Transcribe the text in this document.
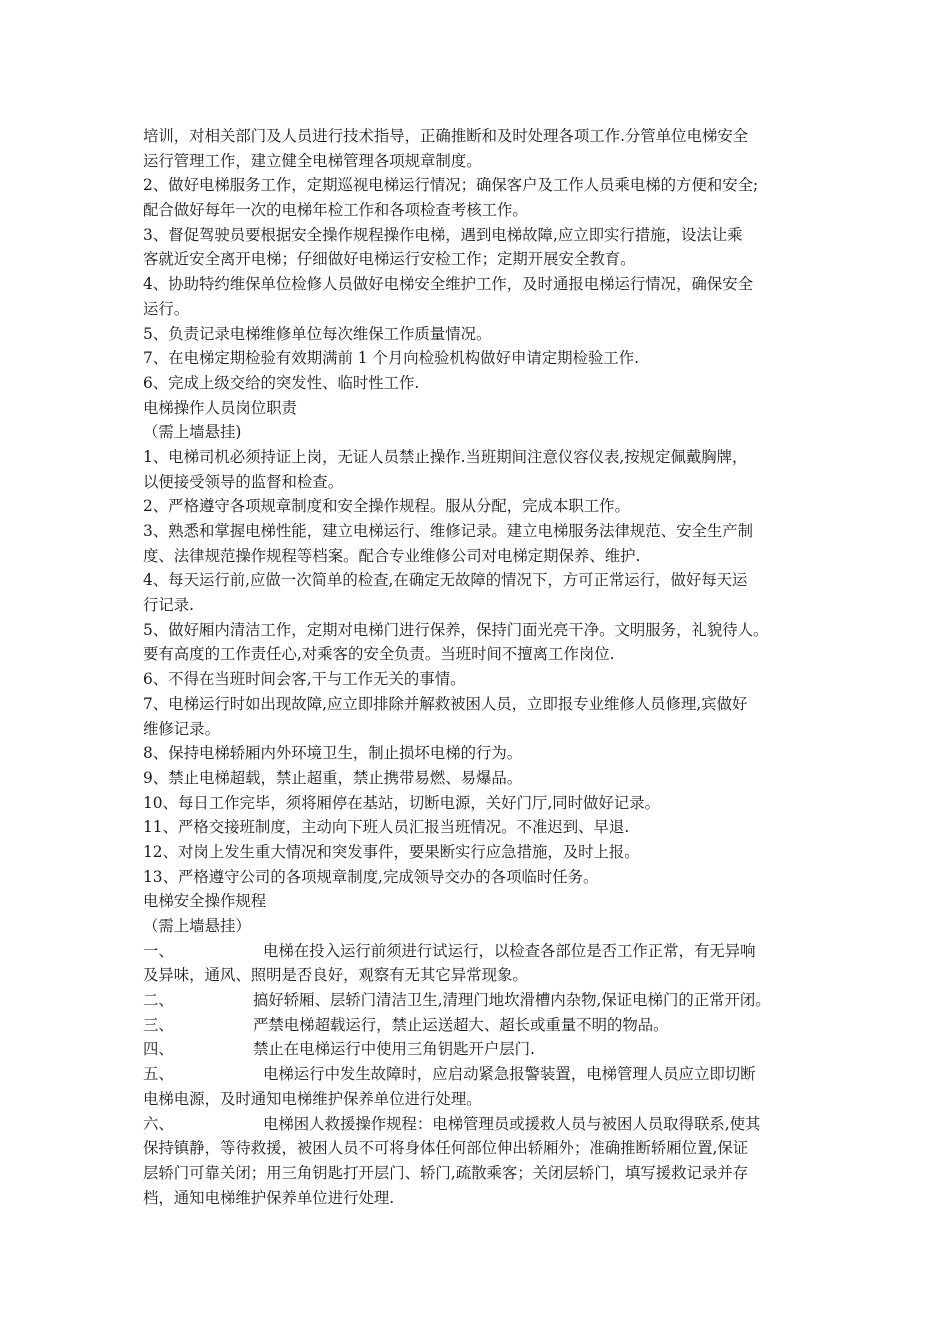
培训，对相关部门及人员进行技术指导，正确推断和及时处理各项工作.分管单位电梯安全
运行管理工作，建立健全电梯管理各项规章制度。
2、做好电梯服务工作，定期巡视电梯运行情况；确保客户及工作人员乘电梯的方便和安全;
配合做好每年一次的电梯年检工作和各项检查考核工作。
3、督促驾驶员要根据安全操作规程操作电梯，遇到电梯故障,应立即实行措施，设法让乘
客就近安全离开电梯；仔细做好电梯运行安检工作；定期开展安全教育。
4、协助特约维保单位检修人员做好电梯安全维护工作，及时通报电梯运行情况，确保安全
运行。
5、负责记录电梯维修单位每次维保工作质量情况。
7、在电梯定期检验有效期满前 1 个月向检验机构做好申请定期检验工作.
6、完成上级交给的突发性、临时性工作.
电梯操作人员岗位职责
（需上墙悬挂)
1、电梯司机必须持证上岗，无证人员禁止操作.当班期间注意仪容仪表,按规定佩戴胸牌，
以便接受领导的监督和检查。
2、严格遵守各项规章制度和安全操作规程。服从分配，完成本职工作。
3、熟悉和掌握电梯性能，建立电梯运行、维修记录。建立电梯服务法律规范、安全生产制
度、法律规范操作规程等档案。配合专业维修公司对电梯定期保养、维护.
4、每天运行前,应做一次简单的检查,在确定无故障的情况下，方可正常运行，做好每天运
行记录.
5、做好厢内清洁工作，定期对电梯门进行保养，保持门面光亮干净。文明服务，礼貌待人。
要有高度的工作责任心,对乘客的安全负责。当班时间不擅离工作岗位.
6、不得在当班时间会客,干与工作无关的事情。
7、电梯运行时如出现故障,应立即排除并解救被困人员，立即报专业维修人员修理,宾做好
维修记录。
8、保持电梯轿厢内外环境卫生，制止损坏电梯的行为。
9、禁止电梯超载，禁止超重，禁止携带易燃、易爆品。
10、每日工作完毕，须将厢停在基站，切断电源，关好门厅,同时做好记录。
11、严格交接班制度，主动向下班人员汇报当班情况。不准迟到、早退.
12、对岗上发生重大情况和突发事件，要果断实行应急措施，及时上报。
13、严格遵守公司的各项规章制度,完成领导交办的各项临时任务。
电梯安全操作规程
（需上墙悬挂）
一、	电梯在投入运行前须进行试运行，以检查各部位是否工作正常，有无异响
及异味，通风、照明是否良好，观察有无其它异常现象。
二、	搞好轿厢、层轿门清洁卫生,清理门地坎滑槽内杂物,保证电梯门的正常开闭。
三、	严禁电梯超载运行，禁止运送超大、超长或重量不明的物品。
四、	禁止在电梯运行中使用三角钥匙开户层门.
五、	电梯运行中发生故障时，应启动紧急报警装置，电梯管理人员应立即切断
电梯电源，及时通知电梯维护保养单位进行处理。
六、	电梯困人救援操作规程：电梯管理员或援救人员与被困人员取得联系,使其
保持镇静，等待救援，被困人员不可将身体任何部位伸出轿厢外；准确推断轿厢位置,保证
层轿门可靠关闭；用三角钥匙打开层门、轿门,疏散乘客；关闭层轿门，填写援救记录并存
档，通知电梯维护保养单位进行处理.
